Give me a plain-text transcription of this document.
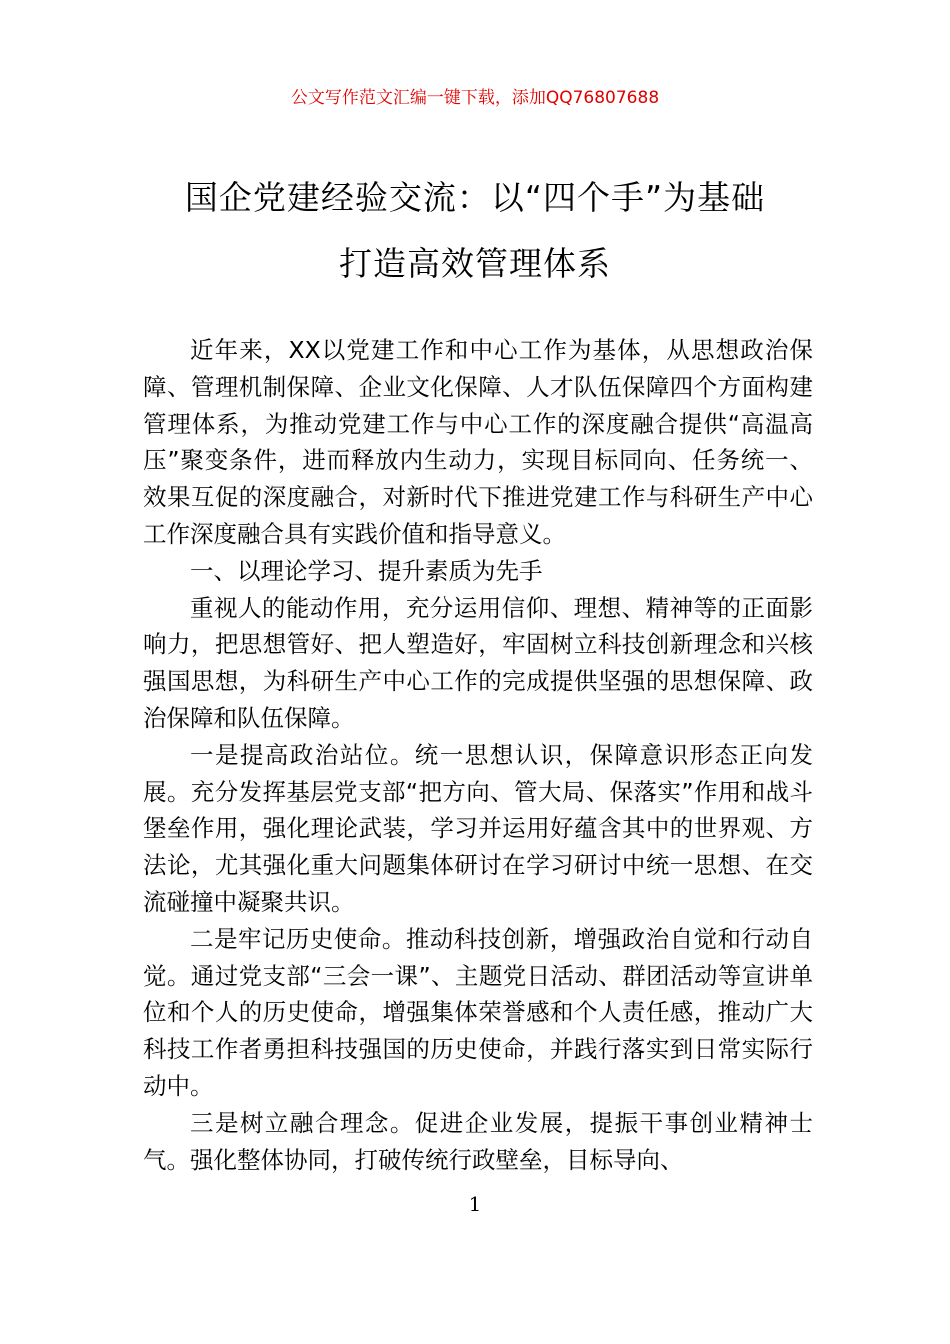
公文写作范文汇编一键下载，添加QQ76807688
国企党建经验交流：以“四个手”为基础
打造高效管理体系

近年来，XX以党建工作和中心工作为基体，从思想政治保障、管理机制保障、企业文化保障、人才队伍保障四个方面构建管理体系，为推动党建工作与中心工作的深度融合提供“高温高压”聚变条件，进而释放内生动力，实现目标同向、任务统一、效果互促的深度融合，对新时代下推进党建工作与科研生产中心工作深度融合具有实践价值和指导意义。

一、以理论学习、提升素质为先手

重视人的能动作用，充分运用信仰、理想、精神等的正面影响力，把思想管好、把人塑造好，牢固树立科技创新理念和兴核强国思想，为科研生产中心工作的完成提供坚强的思想保障、政治保障和队伍保障。

一是提高政治站位。统一思想认识，保障意识形态正向发展。充分发挥基层党支部“把方向、管大局、保落实”作用和战斗堡垒作用，强化理论武装，学习并运用好蕴含其中的世界观、方法论，尤其强化重大问题集体研讨在学习研讨中统一思想、在交流碰撞中凝聚共识。

二是牢记历史使命。推动科技创新，增强政治自觉和行动自觉。通过党支部“三会一课”、主题党日活动、群团活动等宣讲单位和个人的历史使命，增强集体荣誉感和个人责任感，推动广大科技工作者勇担科技强国的历史使命，并践行落实到日常实际行动中。

三是树立融合理念。促进企业发展，提振干事创业精神士气。强化整体协同，打破传统行政壁垒，目标导向、

1
